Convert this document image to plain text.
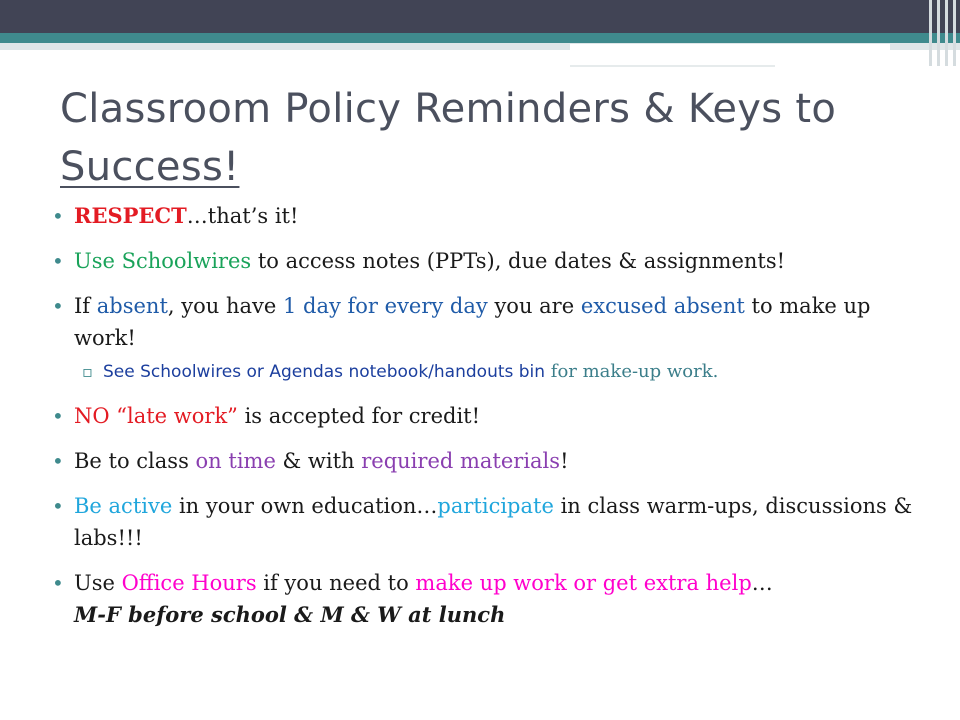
Classroom Policy Reminders & Keys to
Success!

• RESPECT…that’s it!

• Use Schoolwires to access notes (PPTs), due dates & assignments!

• If absent, you have 1 day for every day you are excused absent to make up work!

▫ See Schoolwires or Agendas notebook/handouts bin for make-up work.

• NO “late work” is accepted for credit!

• Be to class on time & with required materials!

• Be active in your own education…participate in class warm-ups, discussions & labs!!!

• Use Office Hours if you need to make up work or get extra help…
M-F before school & M & W at lunch
